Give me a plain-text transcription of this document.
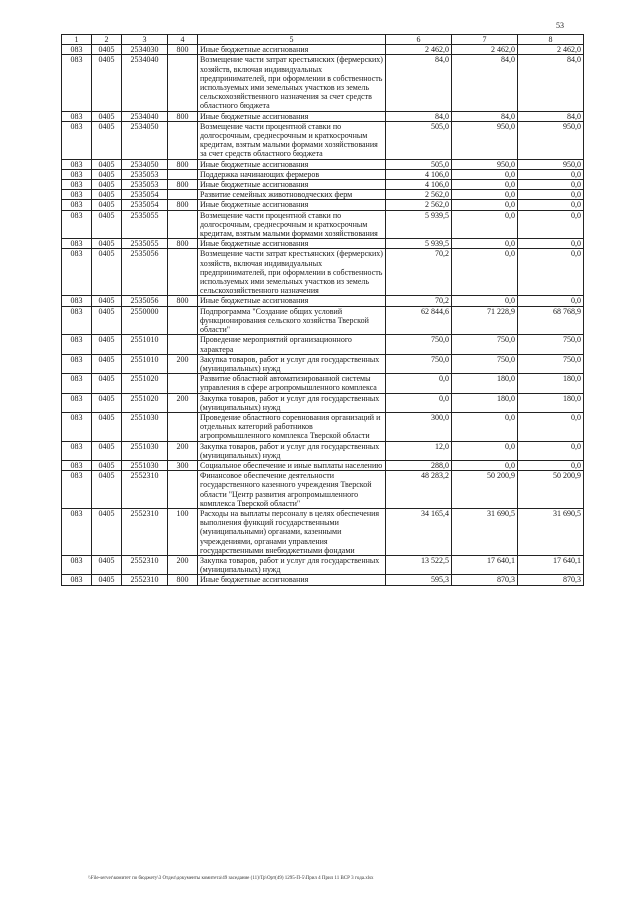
53
1	2	3	4	5	6	7	8
083	0405	2534030	800	Иные бюджетные ассигнования	2 462,0	2 462,0	2 462,0
083	0405	2534040		Возмещение части затрат крестьянских (фермерских) хозяйств, включая индивидуальных предпринимателей, при оформлении в собственность используемых ими земельных участков из земель сельскохозяйственного назначения за счет средств областного бюджета	84,0	84,0	84,0
083	0405	2534040	800	Иные бюджетные ассигнования	84,0	84,0	84,0
083	0405	2534050		Возмещение части процентной ставки по долгосрочным, среднесрочным и краткосрочным кредитам, взятым малыми формами хозяйствования за счет средств областного бюджета	505,0	950,0	950,0
083	0405	2534050	800	Иные бюджетные ассигнования	505,0	950,0	950,0
083	0405	2535053		Поддержка начинающих фермеров	4 106,0	0,0	0,0
083	0405	2535053	800	Иные бюджетные ассигнования	4 106,0	0,0	0,0
083	0405	2535054		Развитие семейных животноводческих ферм	2 562,0	0,0	0,0
083	0405	2535054	800	Иные бюджетные ассигнования	2 562,0	0,0	0,0
083	0405	2535055		Возмещение части процентной ставки по долгосрочным, среднесрочным и краткосрочным кредитам, взятым малыми формами хозяйствования	5 939,5	0,0	0,0
083	0405	2535055	800	Иные бюджетные ассигнования	5 939,5	0,0	0,0
083	0405	2535056		Возмещение части затрат крестьянских (фермерских) хозяйств, включая индивидуальных предпринимателей, при оформлении в собственность используемых ими земельных участков из земель сельскохозяйственного назначения	70,2	0,0	0,0
083	0405	2535056	800	Иные бюджетные ассигнования	70,2	0,0	0,0
083	0405	2550000		Подпрограмма "Создание общих условий функционирования сельского хозяйства Тверской области"	62 844,6	71 228,9	68 768,9
083	0405	2551010		Проведение мероприятий организационного характера	750,0	750,0	750,0
083	0405	2551010	200	Закупка товаров, работ и услуг для государственных (муниципальных) нужд	750,0	750,0	750,0
083	0405	2551020		Развитие областной автоматизированной системы управления в сфере агропромышленного комплекса	0,0	180,0	180,0
083	0405	2551020	200	Закупка товаров, работ и услуг для государственных (муниципальных) нужд	0,0	180,0	180,0
083	0405	2551030		Проведение областного соревнования организаций и отдельных категорий работников агропромышленного комплекса Тверской области	300,0	0,0	0,0
083	0405	2551030	200	Закупка товаров, работ и услуг для государственных (муниципальных) нужд	12,0	0,0	0,0
083	0405	2551030	300	Социальное обеспечение и иные выплаты населению	288,0	0,0	0,0
083	0405	2552310		Финансовое обеспечение деятельности государственного казенного учреждения Тверской области "Центр развития агропромышленного комплекса Тверской области"	48 283,2	50 200,9	50 200,9
083	0405	2552310	100	Расходы на выплаты персоналу в целях обеспечения выполнения функций государственными (муниципальными) органами, казенными учреждениями, органами управления государственными внебюджетными фондами	34 165,4	31 690,5	31 690,5
083	0405	2552310	200	Закупка товаров, работ и услуг для государственных (муниципальных) нужд	13 522,5	17 640,1	17 640,1
083	0405	2552310	800	Иные бюджетные ассигнования	595,3	870,3	870,3
\\File-server\комитет по бюджету\3 Отдел\документы комитета\49 заседание (11)\Тр\Орт(49) 1295-П-5\Прил 4 Прил 11 ВСР 3 года.xlsx
